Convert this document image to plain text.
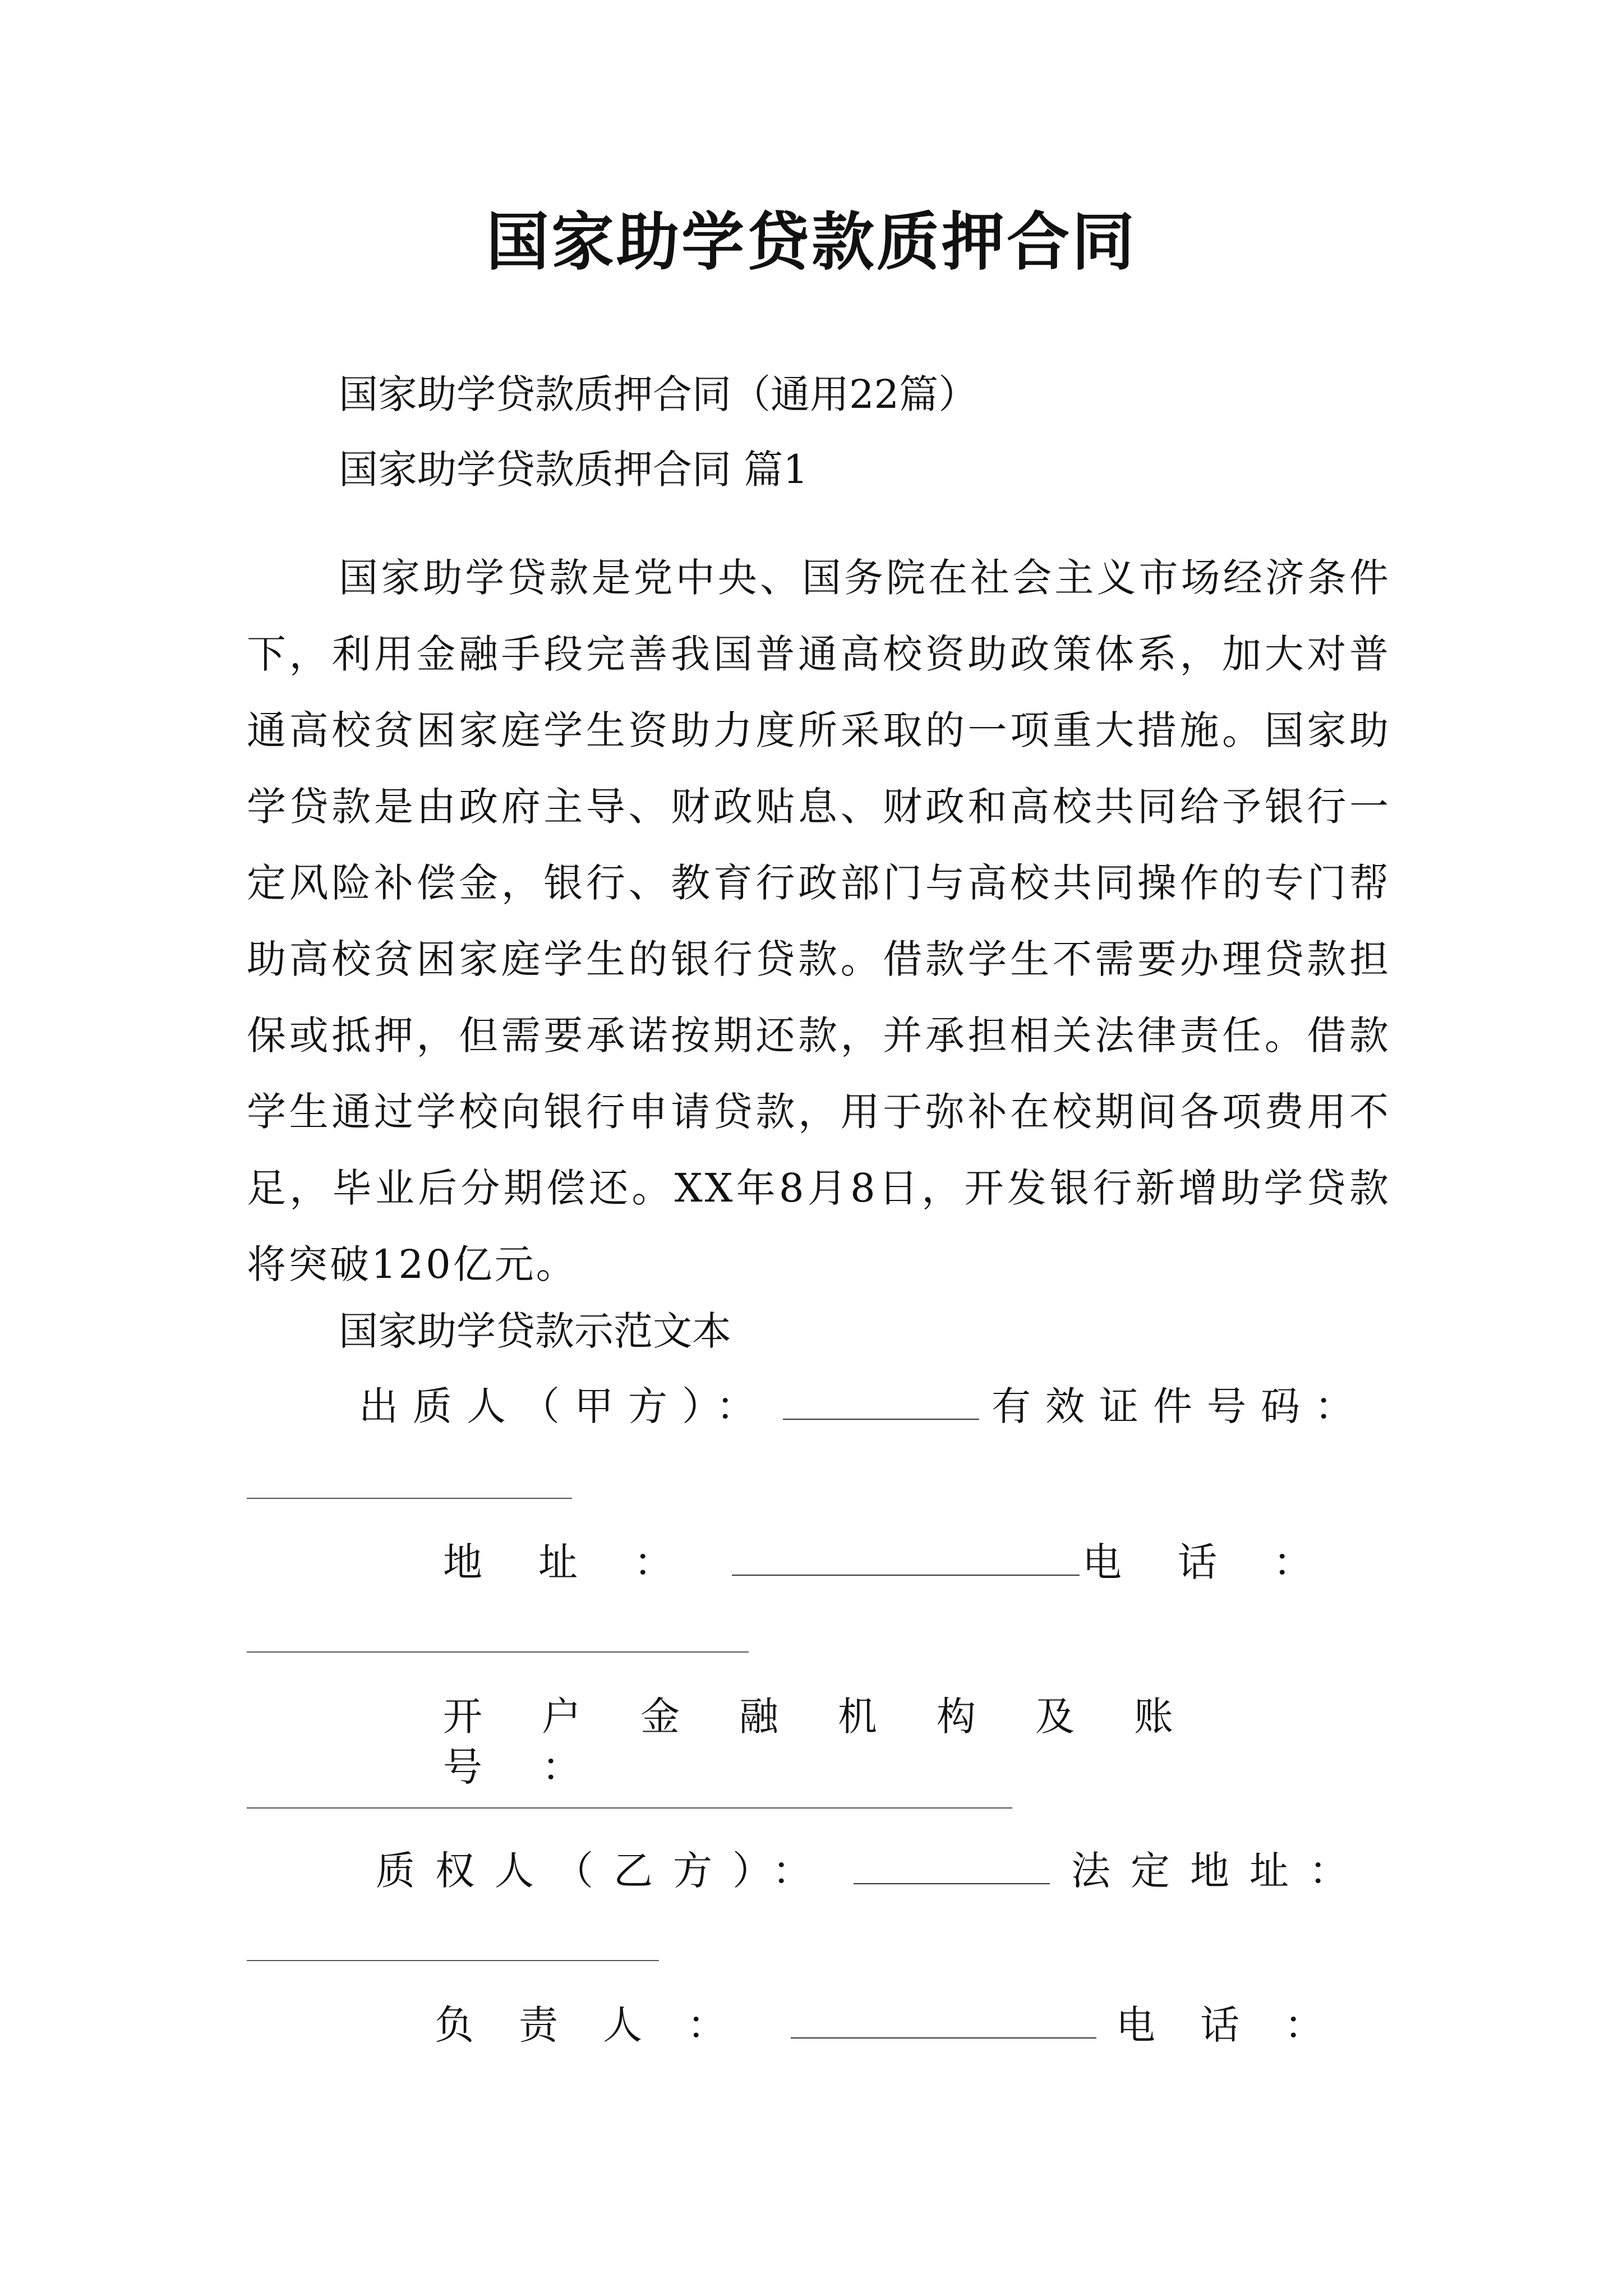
国家助学贷款质押合同
国家助学贷款质押合同（通用22篇）
国家助学贷款质押合同 篇1
国家助学贷款是党中央、国务院在社会主义市场经济条件下，利用金融手段完善我国普通高校资助政策体系，加大对普通高校贫困家庭学生资助力度所采取的一项重大措施。国家助学贷款是由政府主导、财政贴息、财政和高校共同给予银行一定风险补偿金，银行、教育行政部门与高校共同操作的专门帮助高校贫困家庭学生的银行贷款。借款学生不需要办理贷款担保或抵押，但需要承诺按期还款，并承担相关法律责任。借款学生通过学校向银行申请贷款，用于弥补在校期间各项费用不足，毕业后分期偿还。XX年8月8日，开发银行新增助学贷款将突破120亿元。
国家助学贷款示范文本
出质人（甲方）：	有效证件号码：
地址：	电话：
开户金融机构及账号：
质权人（乙方）：	法定地址：
负责人：	电话：
